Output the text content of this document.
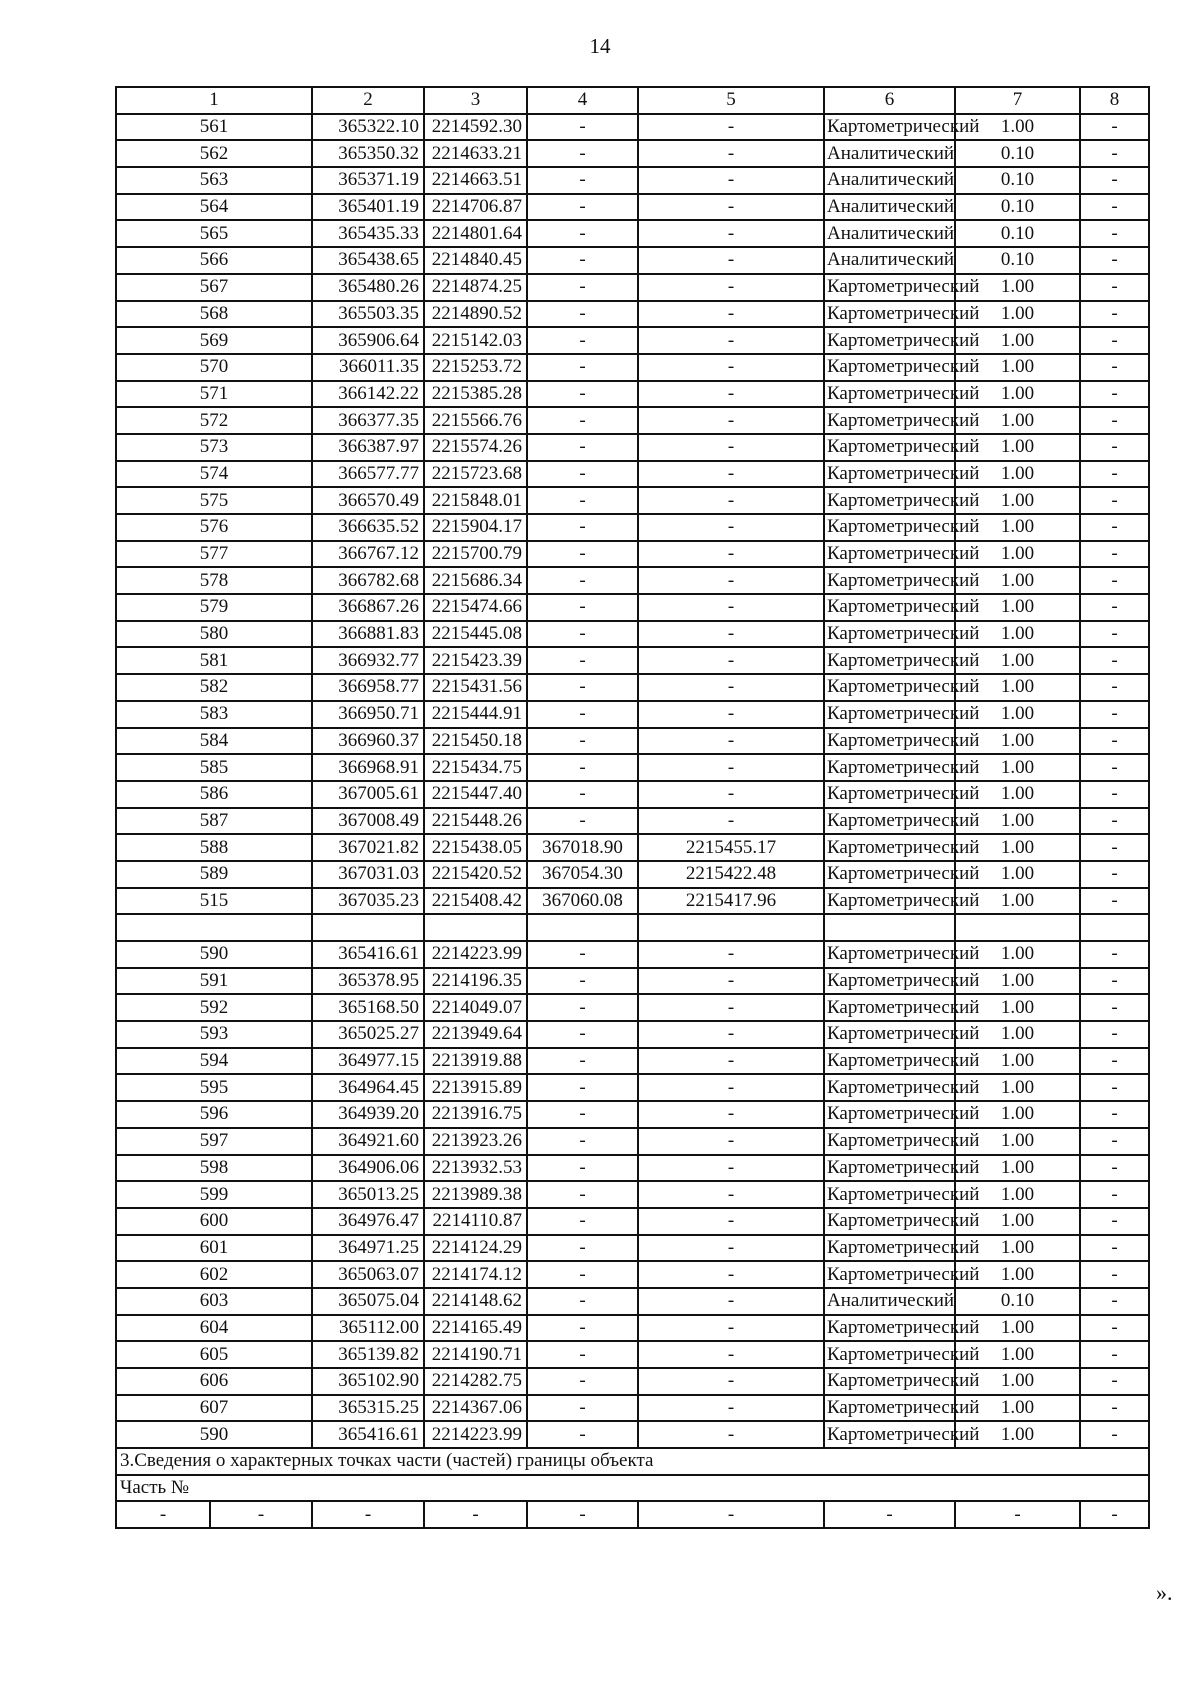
14
1		2	3	4	5	6	7	8
561		365322.10	2214592.30	-	-	Картометрический	1.00	-
562		365350.32	2214633.21	-	-	Аналитический	0.10	-
563		365371.19	2214663.51	-	-	Аналитический	0.10	-
564		365401.19	2214706.87	-	-	Аналитический	0.10	-
565		365435.33	2214801.64	-	-	Аналитический	0.10	-
566		365438.65	2214840.45	-	-	Аналитический	0.10	-
567		365480.26	2214874.25	-	-	Картометрический	1.00	-
568		365503.35	2214890.52	-	-	Картометрический	1.00	-
569		365906.64	2215142.03	-	-	Картометрический	1.00	-
570		366011.35	2215253.72	-	-	Картометрический	1.00	-
571		366142.22	2215385.28	-	-	Картометрический	1.00	-
572		366377.35	2215566.76	-	-	Картометрический	1.00	-
573		366387.97	2215574.26	-	-	Картометрический	1.00	-
574		366577.77	2215723.68	-	-	Картометрический	1.00	-
575		366570.49	2215848.01	-	-	Картометрический	1.00	-
576		366635.52	2215904.17	-	-	Картометрический	1.00	-
577		366767.12	2215700.79	-	-	Картометрический	1.00	-
578		366782.68	2215686.34	-	-	Картометрический	1.00	-
579		366867.26	2215474.66	-	-	Картометрический	1.00	-
580		366881.83	2215445.08	-	-	Картометрический	1.00	-
581		366932.77	2215423.39	-	-	Картометрический	1.00	-
582		366958.77	2215431.56	-	-	Картометрический	1.00	-
583		366950.71	2215444.91	-	-	Картометрический	1.00	-
584		366960.37	2215450.18	-	-	Картометрический	1.00	-
585		366968.91	2215434.75	-	-	Картометрический	1.00	-
586		367005.61	2215447.40	-	-	Картометрический	1.00	-
587		367008.49	2215448.26	-	-	Картометрический	1.00	-
588		367021.82	2215438.05	367018.90	2215455.17	Картометрический	1.00	-
589		367031.03	2215420.52	367054.30	2215422.48	Картометрический	1.00	-
515		367035.23	2215408.42	367060.08	2215417.96	Картометрический	1.00	-

590		365416.61	2214223.99	-	-	Картометрический	1.00	-
591		365378.95	2214196.35	-	-	Картометрический	1.00	-
592		365168.50	2214049.07	-	-	Картометрический	1.00	-
593		365025.27	2213949.64	-	-	Картометрический	1.00	-
594		364977.15	2213919.88	-	-	Картометрический	1.00	-
595		364964.45	2213915.89	-	-	Картометрический	1.00	-
596		364939.20	2213916.75	-	-	Картометрический	1.00	-
597		364921.60	2213923.26	-	-	Картометрический	1.00	-
598		364906.06	2213932.53	-	-	Картометрический	1.00	-
599		365013.25	2213989.38	-	-	Картометрический	1.00	-
600		364976.47	2214110.87	-	-	Картометрический	1.00	-
601		364971.25	2214124.29	-	-	Картометрический	1.00	-
602		365063.07	2214174.12	-	-	Картометрический	1.00	-
603		365075.04	2214148.62	-	-	Аналитический	0.10	-
604		365112.00	2214165.49	-	-	Картометрический	1.00	-
605		365139.82	2214190.71	-	-	Картометрический	1.00	-
606		365102.90	2214282.75	-	-	Картометрический	1.00	-
607		365315.25	2214367.06	-	-	Картометрический	1.00	-
590		365416.61	2214223.99	-	-	Картометрический	1.00	-
3.Сведения о характерных точках части (частей) границы объекта								
Часть №								
-	-	-	-	-	-	-	-	-
».
